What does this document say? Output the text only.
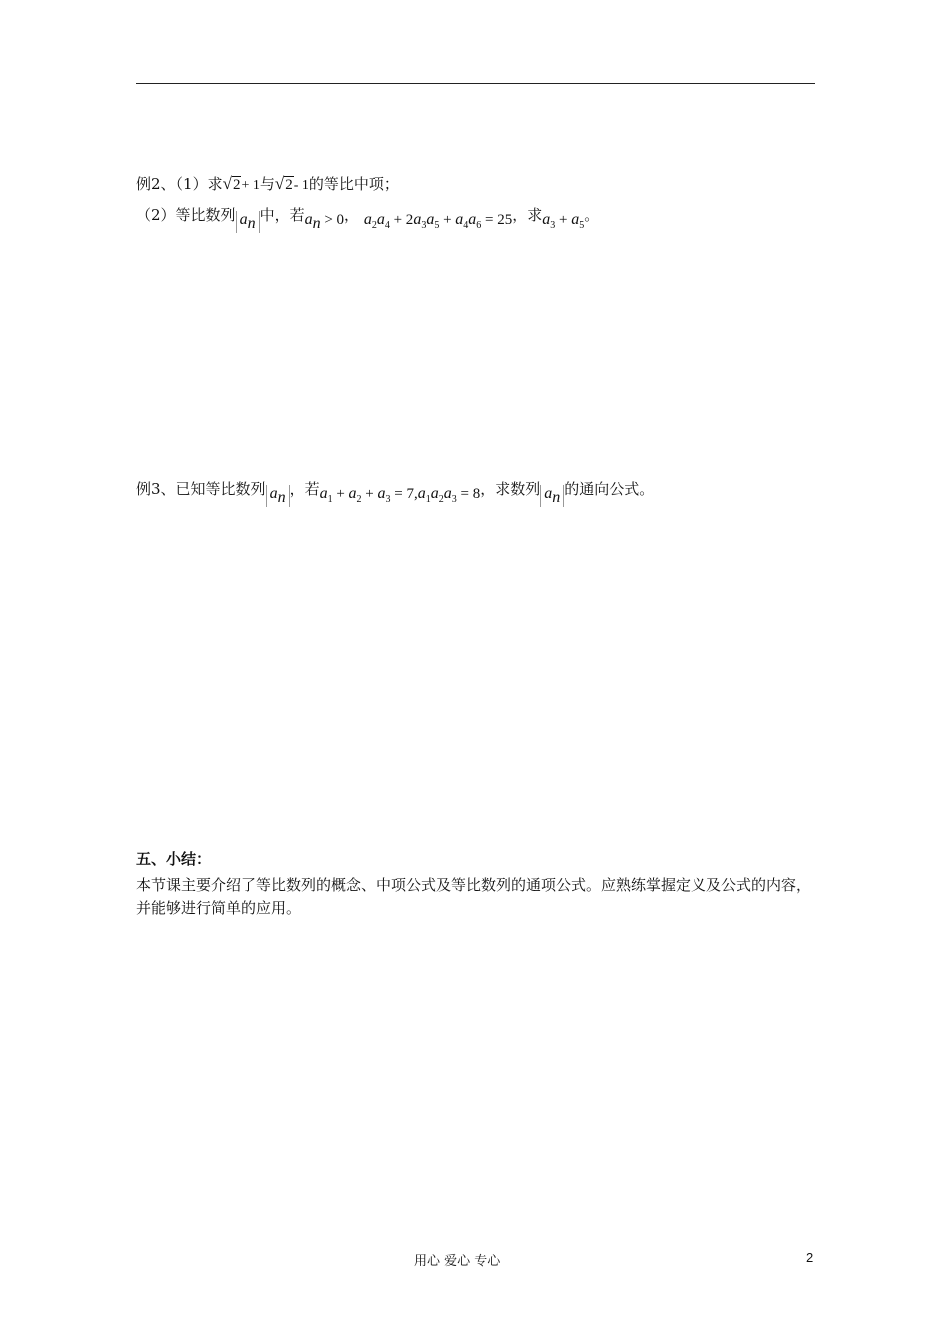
例2、（1）求√2+ 1与√2- 1的等比中项；
（2）等比数列 $a_n$ 中，若$a_n > 0$， $a_2a_4 + 2a_3a_5 + a_4a_6 = 25$，求$a_3 + a_5$。
例3、已知等比数列 $a_n$ ，若$a_1 + a_2 + a_3 = 7,a_1a_2a_3 = 8$，求数列 $a_n$ 的通向公式。
五、小结：
本节课主要介绍了等比数列的概念、中项公式及等比数列的通项公式。应熟练掌握定义及公式的内容，并能够进行简单的应用。
用心 爱心 专心	2
